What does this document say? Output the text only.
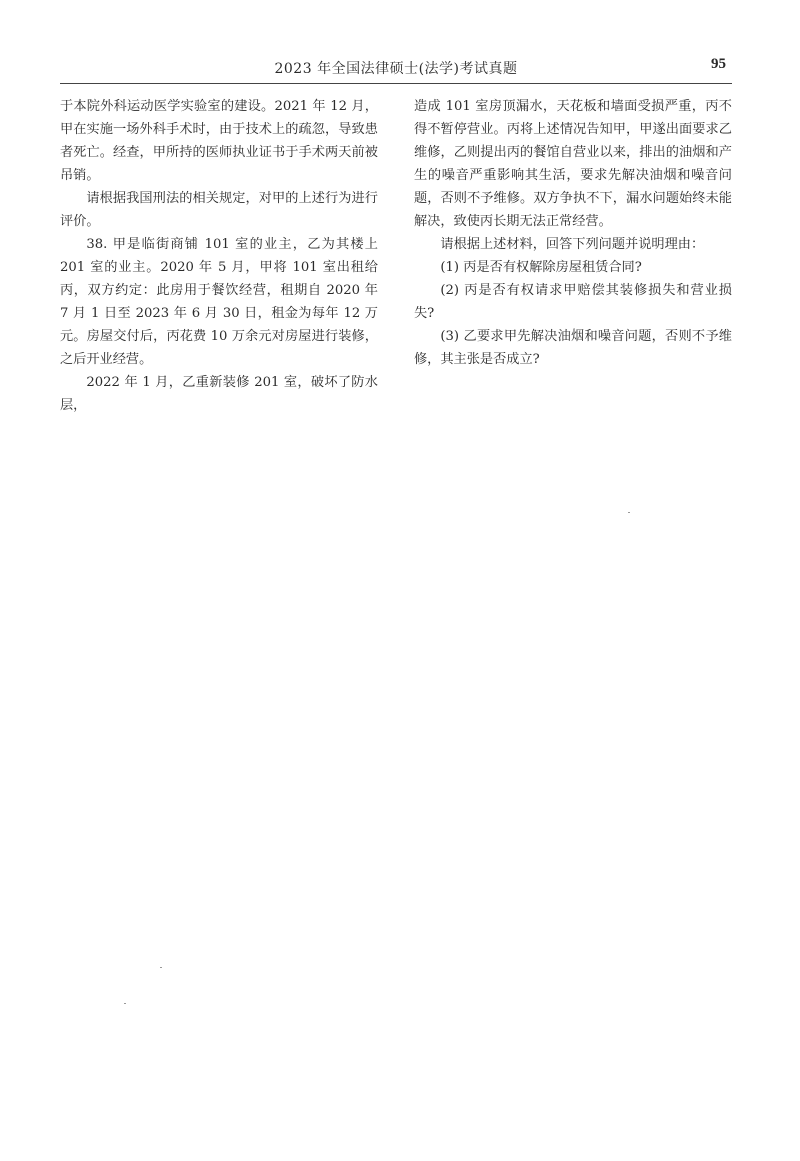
2023 年全国法律硕士(法学)考试真题	95

于本院外科运动医学实验室的建设。2021 年 12 月，甲在实施一场外科手术时，由于技术上的疏忽，导致患者死亡。经查，甲所持的医师执业证书于手术两天前被吊销。

请根据我国刑法的相关规定，对甲的上述行为进行评价。

38. 甲是临街商铺 101 室的业主，乙为其楼上 201 室的业主。2020 年 5 月，甲将 101 室出租给丙，双方约定：此房用于餐饮经营，租期自 2020 年 7 月 1 日至 2023 年 6 月 30 日，租金为每年 12 万元。房屋交付后，丙花费 10 万余元对房屋进行装修，之后开业经营。

2022 年 1 月，乙重新装修 201 室，破坏了防水层，

造成 101 室房顶漏水，天花板和墙面受损严重，丙不得不暂停营业。丙将上述情况告知甲，甲遂出面要求乙维修，乙则提出丙的餐馆自营业以来，排出的油烟和产生的噪音严重影响其生活，要求先解决油烟和噪音问题，否则不予维修。双方争执不下，漏水问题始终未能解决，致使丙长期无法正常经营。

请根据上述材料，回答下列问题并说明理由：

(1) 丙是否有权解除房屋租赁合同?

(2) 丙是否有权请求甲赔偿其装修损失和营业损失?

(3) 乙要求甲先解决油烟和噪音问题，否则不予维修，其主张是否成立?
